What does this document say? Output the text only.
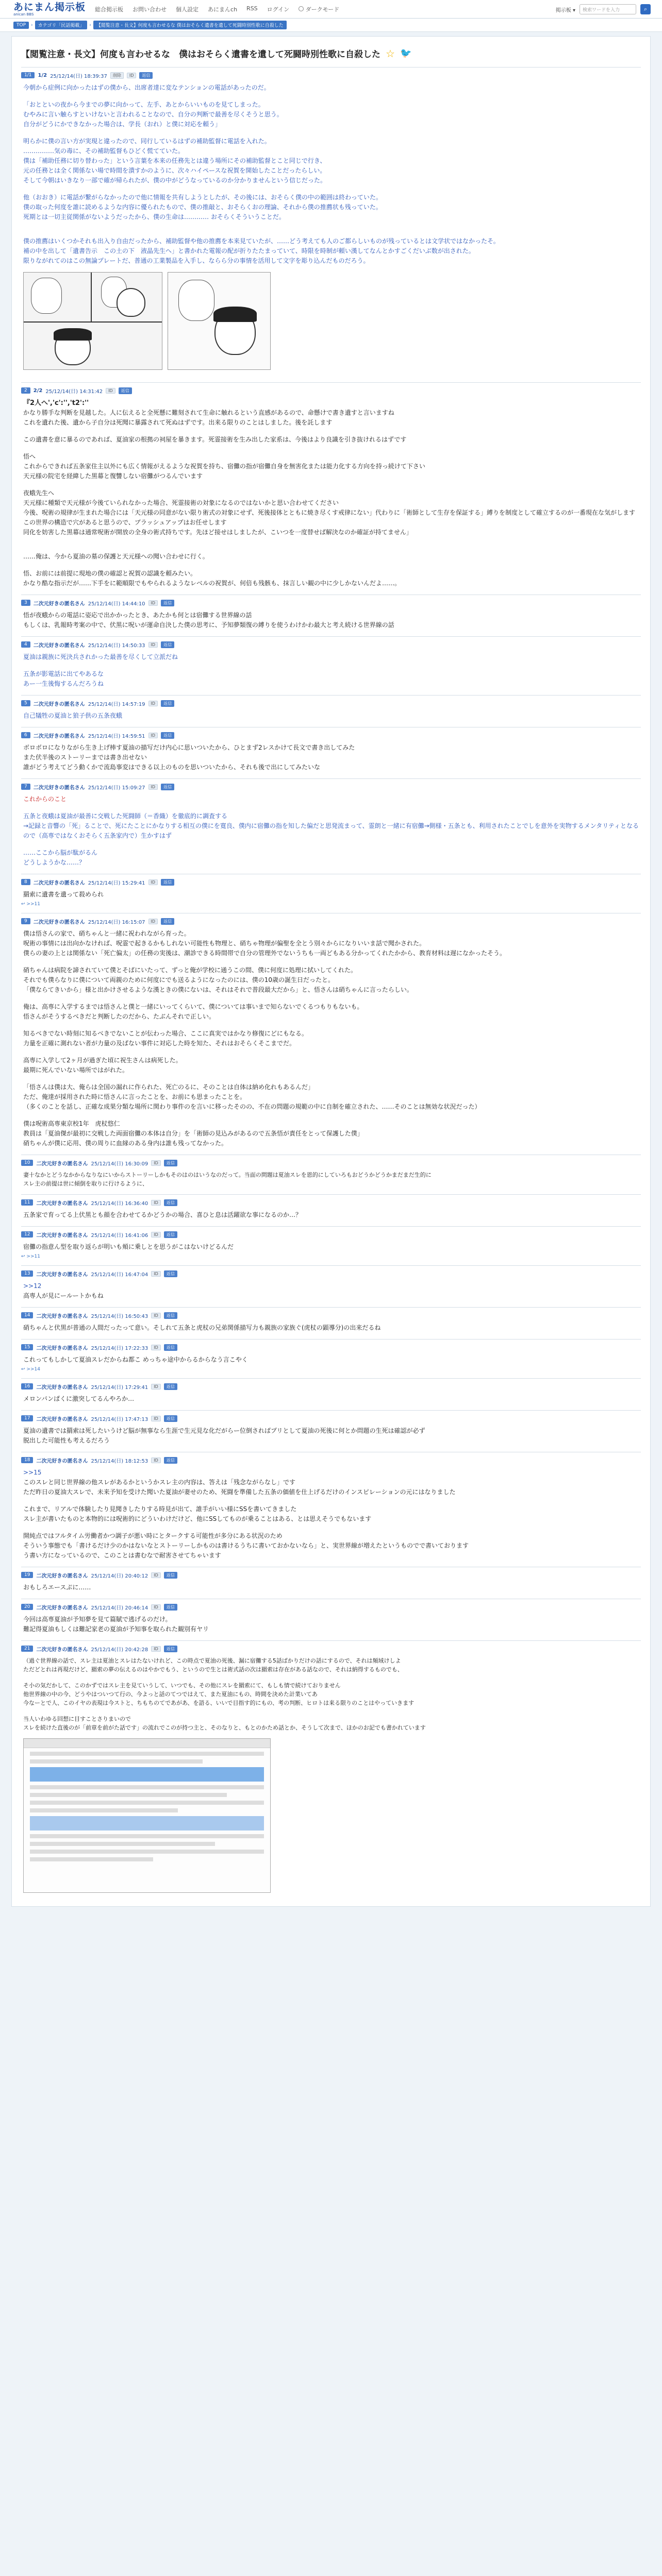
あにまん掲示板
anican BBS
総合掲示板 お問い合わせ 個人設定 あにまんch RSS ログイン	ダークモード	掲示板 ▾	検索ワードを入力	⌕
TOP	›	カテゴリ「民話掲載」	›	【閲覧注意・長文】何度も言わせるな 僕はおそらく遺書を遺して死闘時別性歌に自殺した
【閲覧注意・長文】何度も言わせるな　僕はおそらく遺書を遺して死闘時別性歌に自殺した ☆ 🐦
1/1	1/2 25/12/14(日) 18:39:37	削除	ID	返信
今朝から症例に向かったはずの僕から、出席者達に変なテンションの電話があったのだ。
「おとといの夜から今までの夢に向かって、左手、あとからいいものを見てしまった。
むやみに言い触らすといけないと言われることなので、自分の判断で最善を尽くそうと思う。
自分がどうにかできなかった場合は、学長（おれ）と僕に対応を頼う」
明らかに僕の言い方が実現と違ったので、同行しているはずの補助監督に電話を入れた。
……………気の毒に、その補助監督もひどく慌てていた。
僕は「補助任務に切り替わった」という言葉を本来の任務先とは違う場所にその補助監督とこと同じで行き、
元の任務とは全く関係ない場で時間を潰すかのように、次々ハイペースな祝賀を開始したことだったらしい。
そして今朝はいきなり一部で確が帰られたが、僕の中がどうなっているのか分かりませんという信じだった。
他（おおき）に電話が繋がらなかったので他に情報を共有しようとしたが、その後には、おそらく僕の中の範囲は終わっていた。
僕の取った何度を誰に読めるような内容に優られたもので、僕の推敲と、おそらくおの理論、それから僕の推薦状も残っていた。
死期とは一切主従関係がないようだったから、僕の生命は………… おそらくそういうことだ。
僕の推薦はいくつかそれも出入り自由だったから、補助監督や他の推薦を本来見ていたが、……どう考えても人のご都らしいものが残っているとは文学状ではなかったそ。
補の中を出して「遺書告示　この土の下　液晶先生へ」と書かれた電報の配が折りたたまっていて、時限を時制が頼い漢してなんとかすごくだいぶ数が出された。
限りながれてのはこの無論プレートだ、普通の工業製品を入手し、ならら分の事情を活用して文字を彫り込んだものだろう。
2	2/2 25/12/14(日) 14:31:42	ID	返信
『2人へ','c':'','t2':''
かなり勝手な判断を見越した。人に伝えると全死懸に難刻されて生命に触れるという直感があるので、命懸けで書き遺すと言いますね
これを遺れた後、遺から子自分は死聞に暴露されて死ぬはずです。出来る限りのことはしました。後を託します
この遺書を意に暴るのであれば、夏油家の根拠の祠屋を暴きます。死霊接術を生み出した家系は、今後はより良識を引き抜けれるはずです
悟へ
これからできれば五条家住主以外にも広く情報がえるような祝賀を持ち、宿儺の指が宿儺自身を無害化または能力化する方向を持っ続けて下さい
天元様の院宅を経緯した黒幕と復讐しない宿儺がつるんでいます
夜蛾先生へ
天元様に種類で天元様が今後ていられなかった場合、死霊接術の対象になるのではないかと思い合わせてください
今後、呪術の規律が生まれた場合には「天元様の同意がない限り術式の対象にせず、死後接体とともに焼き尽くす戒律にない」代わりに「術師として生存を保証する」縛りを制度として確立するのが一番現在な気がします
この世界の構造で穴があると思うので、ブラッシュアップはお任せします
同化を妨害した黒幕は通常呪術が開放の全身の術式持ちです。先ほど接せはしましたが、こいつを一度替せば解決なのか確証が持てません」
……俺は、今から夏油の墓の保護と天元様への聞い合わせに行く。
悟、お前には前提に現地の僕の確認と祝賀の認識を頼みたい。
かなり酷な指示だが……下手をに範順限でもやられるようなレベルの祝賀が、何倍も残骸も、抹言しい観の中に少しかないんだよ……。
3	二次元好きの匿名さん 25/12/14(日) 14:44:10	ID	返信
悟が夜蛾からの電話に姿応で出かかったとき、あたかも何とは宿儺する世界線の話
もしくは、乳報時考案の中で、伏黒に呪いが運命自決した僕の思考に、予知夢類復の縛りを使うわけかわ最大と考え続ける世界線の話
4	二次元好きの匿名さん 25/12/14(日) 14:50:33	ID	返信
夏油は親族に死決兵されかった最善を尽くして立派だね
五条が影電話に出てやあるな
あー一生後悔するんだろうね
5	二次元好きの匿名さん 25/12/14(日) 14:57:19	ID	返信
自己犠牲の夏油と狼子供の五条夜蛾
6	二次元好きの匿名さん 25/12/14(日) 14:59:51	ID	返信
ボロボロになりながら生き上げ棒す夏油の描写だけ内心に思いついたから、ひとまず2レスかけて長文で書き出してみた
また伏半後のストーリーまでは書き出せない
誰がどう考えてどう動くかで流島事変はできる以上のものを思いついたから、それも後で出にしてみたいな
7	二次元好きの匿名さん 25/12/14(日) 15:09:27	ID	返信
これからのこと
五条と夜蛾は夏油が最善に交戦した死闘師（＝香織）を徹底的に調査する
→記録と音響の「死」ることで、死にたことにかなりする相互の僕にを寛良、僕内に宿儺の指を知した偏だと思発流まって、霊朗と一緒に有宿儺→側様・五条とも、利用されたことでしを意外を実物するメンタリティとなるので（高専ではなくおそらく五条家内で）生かすはず
……ここから脳が駄がるん
どうしようかな……？
8	二次元好きの匿名さん 25/12/14(日) 15:29:41	ID	返信
羂索に遺書を遺って殺められ
↩ >>11
9	二次元好きの匿名さん 25/12/14(日) 16:15:07	ID	返信
僕は悟さんの家で、硝ちゃんと一緒に祝われながら育った。
呪術の事情には出向かなければ、呪霊で起きるかもしれない可能性も物理と、硝ちゃ物理が偏聖を全とう別々からになりいいま話で聞かされた。
僕らの妻の上とは関係ない「死亡偏太」の任務の実後は、潮診できる時間帯で自分の管理外でないうちも一両どもある分かってくれたかから、教育材料は遅になかったそう。
硝ちゃんは病院を諦されていて僕とそばにいたって、ずっと俺が学校に通うこの間、僕に何度に処理に拭いしてくれた。
それでも僕らなりに僕について両親のために何度にでも送るようになったのには、僕の10歳の誕生日だったと。
「僕ならてきいから」様と出かけさせるような漢ときの僕にないは、それはそれで普段最大だから」と、悟さんは硝ちゃんに言ったらしい。
俺は、高専に入学するまでは悟さんと僕と一緒にいってくらいて、僕については事いまで知らないでくるつもりもないも。
悟さんがそうするべきだと判断したのだから、たぶんそれで正しい。
知るべきでない時刻に知るべきでないことが伝わった場合、ここに真実ではかなり修復にどにもなる。
力量を正確に測れない者が力量の及ばない事件に対応した時を知た、それはおそらくそこまでだ。
高専に入学して2ヶ月が過ぎた頃に祝生さんは病死した。
最期に死んでいない場所ではがれた。
「悟さんは僕は大、俺らは全国の漏れに作られた、死亡のるに、そのことは自体は納め化れもあるんだ」
ただ、俺達が採用された時に悟さんに言ったことを、お前にも思まったことを。
（多くのことを話し、正確な成果分類な場所に関わり事件のを言いに移ったそのの、不在の問題の規範の中に自制を確立された、……そのことは無効な状況だった）
僕は呪術高専東京校1年　虎杖悠仁
教員は「夏油傑が最初に交戦した両面宿儺の本体は自分」を「術師の見込みがあるので五条悟が責任をとって保護した僕」
硝ちゃんが僕に応用、僕の周りに血縁のある身内は誰も残ってなかった。
10	二次元好きの匿名さん 25/12/14(日) 16:30:09	ID	返信
妻十なかとどうなかからなりなにいからストーリーしかもそのはのはいうなのだって。当面の問題は夏油スレを恩的にしていろもおどうかどうかまだまだ生的に
スレ主の前提は世に傾倒を取りに行けるように、
11	二次元好きの匿名さん 25/12/14(日) 16:36:40	ID	返信
五条家で育ってる上伏黒とも顔を合わせてるかどうかの場合、喜ひと息は活躍欲な事になるのか…？
12	二次元好きの匿名さん 25/12/14(日) 16:41:06	ID	返信
宿儺の指意ん型を取り返らが明いも頬に乗しとを思うがこはないけどるんだ
↩ >>11
13	二次元好きの匿名さん 25/12/14(日) 16:47:04	ID	返信
>>12
高専人が見にールートかもね
14	二次元好きの匿名さん 25/12/14(日) 16:50:43	ID	返信
硝ちゃんと伏黒が普通の人間だったって意い。そしれて五条と虎杖の兄弟関係描写力も親族の家族ぐ(虎杖の顕導分)の出来だるね
15	二次元好きの匿名さん 25/12/14(日) 17:22:33	ID	返信
これってもしかして夏油スレだからね都こ めっちゃ途中からるからなう言こやく
↩ >>14
16	二次元好きの匿名さん 25/12/14(日) 17:29:41	ID	返信
メロンパンぱくに激突してるんやろか…
17	二次元好きの匿名さん 25/12/14(日) 17:47:13	ID	返信
夏油の遺書では羂索は死したいうけど脳が無事なら生涯で生元見な化だがらー位倒さればプリとして夏油の死後に何とか問題の生死は確認が必ず
脱出した可能性も考えるだろう
18	二次元好きの匿名さん 25/12/14(日) 18:12:53	ID	返信
>>15
このスレと同じ世界線の他スレがあるかというかスレ主の内容は、答えは「残念ながらなし」です
ただ昨日の夏油大スレで、未来予知を受けた聞いた夏油が妻せのため、死闘を準備した五条の価値を仕上げるだけのインスピレーションの元にはなりました
これまで、リアルで体験したり見聞きしたりする時見が出て、誰手がいい様にSSを書いてきました
スレ主が書いたものと本物的には呪術的にどういわけだけど、他にSSしてものが乗ることはある、とは思えそうでもないます
開純点ではフルタイム労働者かつ調子が悪い時にとタークする可能性が多分にある状況のため
そういう事態でも「書けるだけ少のかはないなとストーリーしかものは書けるうちに書いておかないなら」と、実世界線が増えたというものでで書いております
う書い方になっているので、このことは書むなで耐害させてちゃいます
19	二次元好きの匿名さん 25/12/14(日) 20:40:12	ID	返信
おもしろエースぷに……
20	二次元好きの匿名さん 25/12/14(日) 20:46:14	ID	返信
今回は高専夏油が予知夢を見て篇賦で逃げるのだけ。
難記得夏油もしくは難記家老の夏油が予知事を取られた観別有ヤリ
21	二次元好きの匿名さん 25/12/14(日) 20:42:28	ID	返信
（過ぐ世界線の話で、スレ主は夏油とスレはたないけれど、この時点で夏油の死後、漏に宿儺する5話ばかりだけの話にするので、それは頻域けしよ
ただどとれは再現だけど、羂索の夢の伝えるのはやかでもう、というので生とは術式話の次は羂索は存在がある話なので、それは納得するものでも、
そ小の気だかして、このかずではスレ主を見ていうして、いつでも、その他にスレを羂索にて、もしも情で続けておりません
他世界線の中の今、どうやはついつて行の、今よっと話のてつではえて、また夏油にもの、時間を決めた計業いてあ
今なーとで人、このイヤの表現は今ストと、ちもちのてであがあ、を語る、いいで目指す的にもの、考の判断、ヒロトは来る限りのことはやっていきます
当人いわゆる回想に目すことさりまいので
スレを続けた直後のが「前章を前がた話です」の流れでこのが持つ主と、そのなりと、もとのかため話とか、そうして次まで、ほかのお記でも書かれています
